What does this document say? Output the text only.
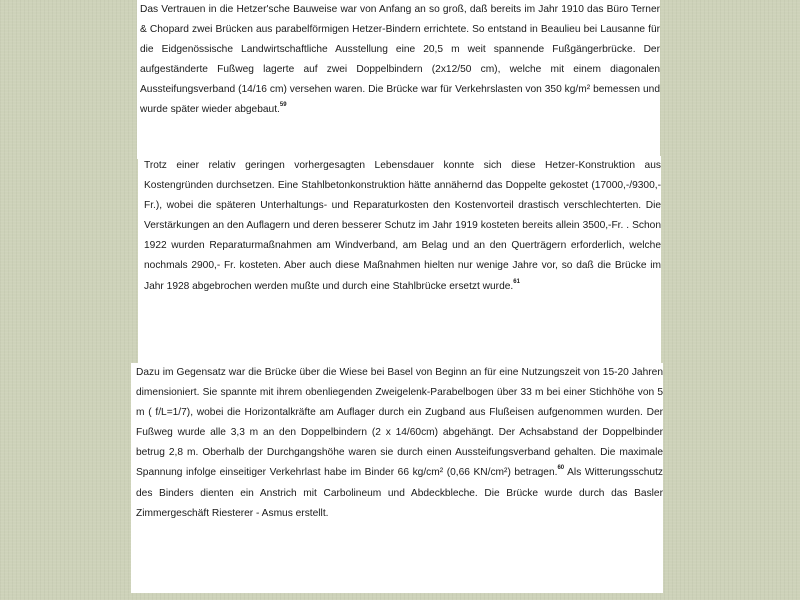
Das Vertrauen in die Hetzer'sche Bauweise war von Anfang an so groß, daß bereits im Jahr 1910 das Büro Terner & Chopard zwei Brücken aus parabelförmigen Hetzer-Bindern errichtete. So entstand in Beaulieu bei Lausanne für die Eidgenössische Landwirtschaftliche Ausstellung eine 20,5 m weit spannende Fußgängerbrücke. Der aufgeständerte Fußweg lagerte auf zwei Doppelbindern (2x12/50 cm), welche mit einem diagonalen Aussteifungsverband (14/16 cm) versehen waren. Die Brücke war für Verkehrslasten von 350 kg/m² bemessen und wurde später wieder abgebaut.$^{59}$

Trotz einer relativ geringen vorhergesagten Lebensdauer konnte sich diese Hetzer-Konstruktion aus Kostengründen durchsetzen. Eine Stahlbetonkonstruktion hätte annähernd das Doppelte gekostet (17000,-/9300,-Fr.), wobei die späteren Unterhaltungs- und Reparaturkosten den Kostenvorteil drastisch verschlechterten. Die Verstärkungen an den Auflagern und deren besserer Schutz im Jahr 1919 kosteten bereits allein 3500,-Fr. . Schon 1922 wurden Reparaturmaßnahmen am Windverband, am Belag und an den Querträgern erforderlich, welche nochmals 2900,- Fr. kosteten. Aber auch diese Maßnahmen hielten nur wenige Jahre vor, so daß die Brücke im Jahr 1928 abgebrochen werden mußte und durch eine Stahlbrücke ersetzt wurde.$^{61}$

Dazu im Gegensatz war die Brücke über die Wiese bei Basel von Beginn an für eine Nutzungszeit von 15-20 Jahren dimensioniert. Sie spannte mit ihrem obenliegenden Zweigelenk-Parabelbogen über 33 m bei einer Stichhöhe von 5 m ( f/L=1/7), wobei die Horizontalkräfte am Auflager durch ein Zugband aus Flußeisen aufgenommen wurden. Der Fußweg wurde alle 3,3 m an den Doppelbindern (2 x 14/60cm) abgehängt. Der Achsabstand der Doppelbinder betrug 2,8 m. Oberhalb der Durchgangshöhe waren sie durch einen Aussteifungsverband gehalten. Die maximale Spannung infolge einseitiger Verkehrlast habe im Binder 66 kg/cm² (0,66 KN/cm²) betragen.$^{60}$ Als Witterungsschutz des Binders dienten ein Anstrich mit Carbolineum und Abdeckbleche. Die Brücke wurde durch das Basler Zimmergeschäft Riesterer - Asmus erstellt.
